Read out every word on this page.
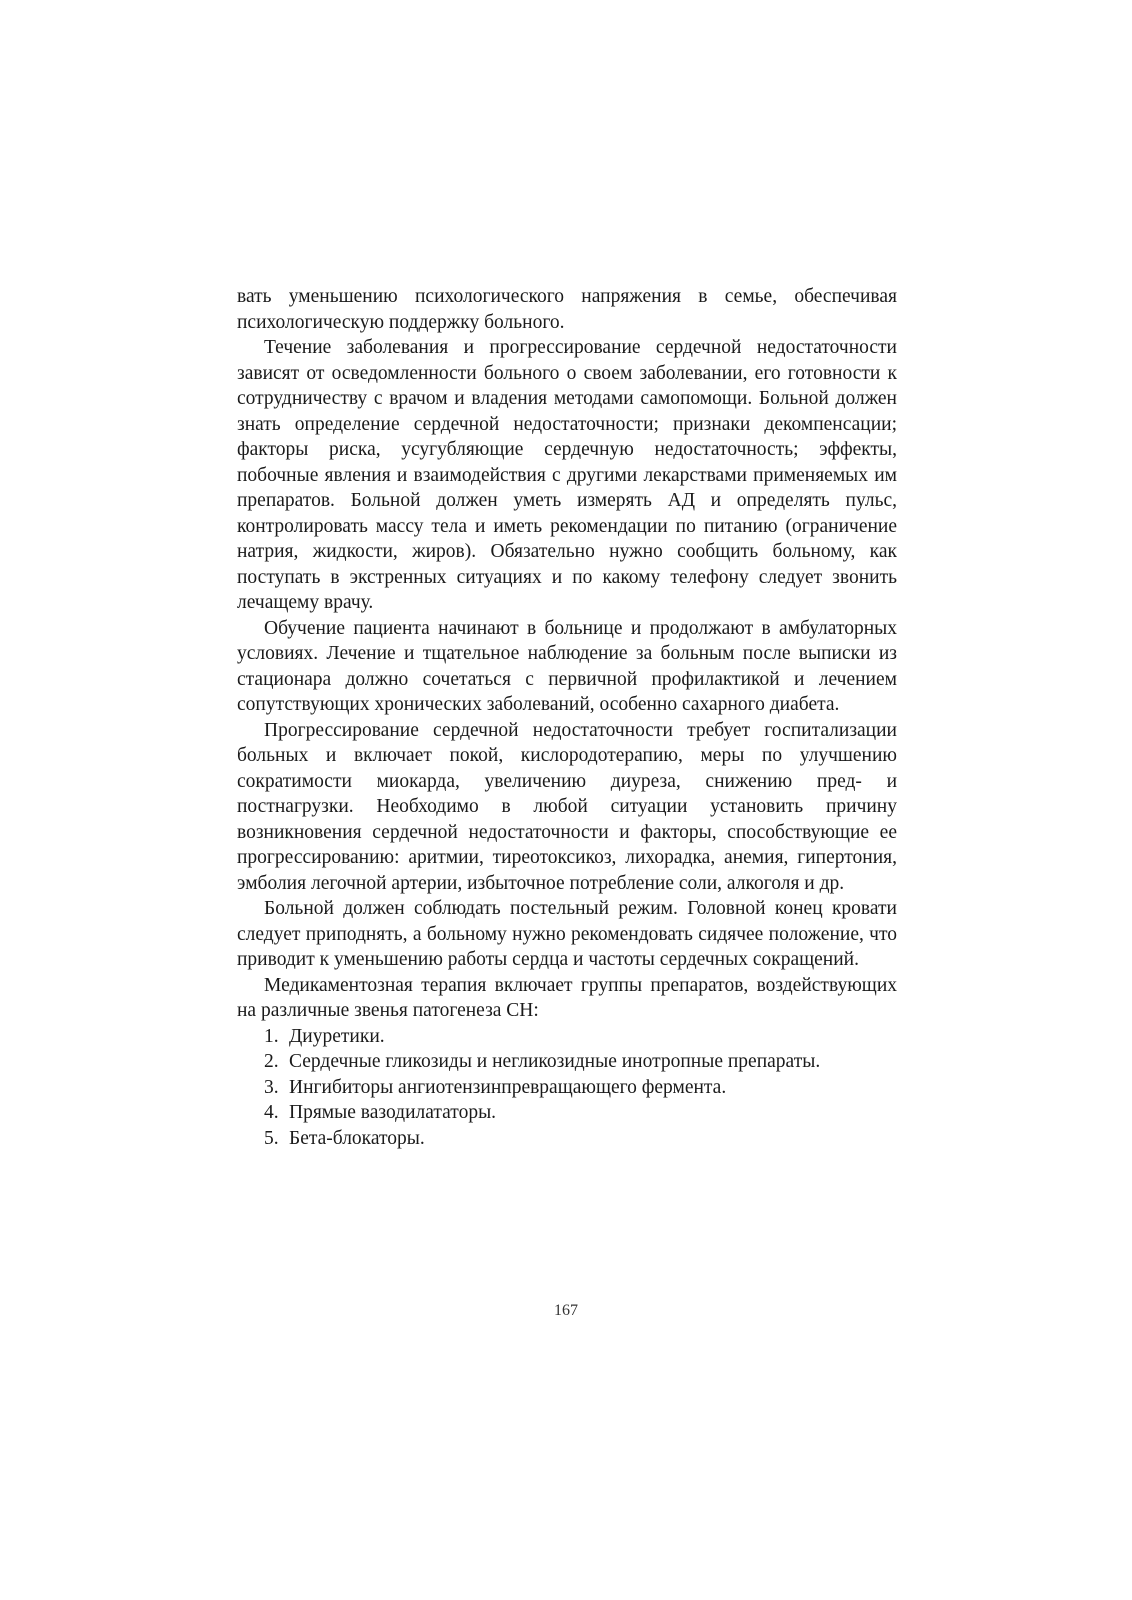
вать уменьшению психологического напряжения в семье, обеспечивая психологическую поддержку больного.

Течение заболевания и прогрессирование сердечной недостаточности зависят от осведомленности больного о своем заболевании, его готовности к сотрудничеству с врачом и владения методами самопомощи. Больной должен знать определение сердечной недостаточности; признаки декомпенсации; факторы риска, усугубляющие сердечную недостаточность; эффекты, побочные явления и взаимодействия с другими лекарствами применяемых им препаратов. Больной должен уметь измерять АД и определять пульс, контролировать массу тела и иметь рекомендации по питанию (ограничение натрия, жидкости, жиров). Обязательно нужно сообщить больному, как поступать в экстренных ситуациях и по какому телефону следует звонить лечащему врачу.

Обучение пациента начинают в больнице и продолжают в амбулаторных условиях. Лечение и тщательное наблюдение за больным после выписки из стационара должно сочетаться с первичной профилактикой и лечением сопутствующих хронических заболеваний, особенно сахарного диабета.

Прогрессирование сердечной недостаточности требует госпитализации больных и включает покой, кислородотерапию, меры по улучшению сократимости миокарда, увеличению диуреза, снижению пред- и постнагрузки. Необходимо в любой ситуации установить причину возникновения сердечной недостаточности и факторы, способствующие ее прогрессированию: аритмии, тиреотоксикоз, лихорадка, анемия, гипертония, эмболия легочной артерии, избыточное потребление соли, алкоголя и др.

Больной должен соблюдать постельный режим. Головной конец кровати следует приподнять, а больному нужно рекомендовать сидячее положение, что приводит к уменьшению работы сердца и частоты сердечных сокращений.

Медикаментозная терапия включает группы препаратов, воздействующих на различные звенья патогенеза СН:

1. Диуретики.
2. Сердечные гликозиды и негликозидные инотропные препараты.
3. Ингибиторы ангиотензинпревращающего фермента.
4. Прямые вазодилататоры.
5. Бета-блокаторы.
167
